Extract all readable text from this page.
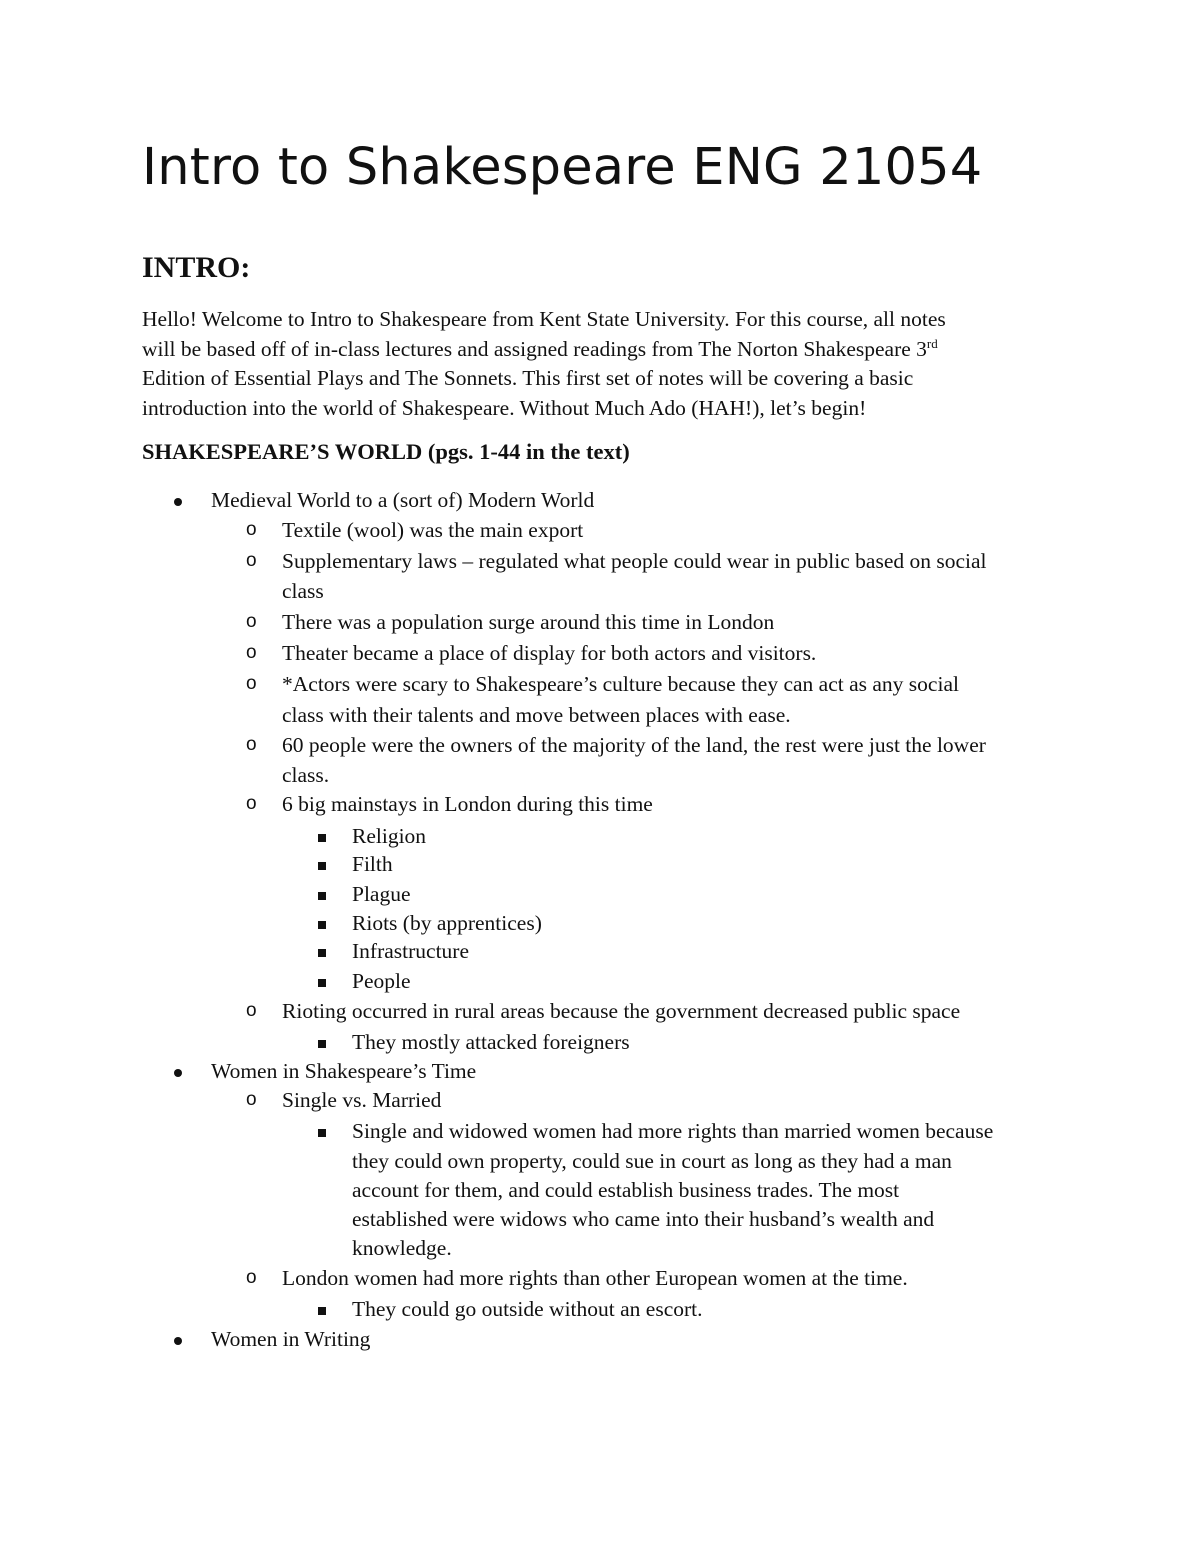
Intro to Shakespeare ENG 21054
INTRO:

Hello! Welcome to Intro to Shakespeare from Kent State University. For this course, all notes
will be based off of in-class lectures and assigned readings from The Norton Shakespeare 3rd
Edition of Essential Plays and The Sonnets. This first set of notes will be covering a basic
introduction into the world of Shakespeare. Without Much Ado (HAH!), let’s begin!

SHAKESPEARE’S WORLD (pgs. 1-44 in the text)
Medieval World to a (sort of) Modern World
o Textile (wool) was the main export
o Supplementary laws – regulated what people could wear in public based on social
class
o There was a population surge around this time in London
o Theater became a place of display for both actors and visitors.
o *Actors were scary to Shakespeare’s culture because they can act as any social
class with their talents and move between places with ease.
o 60 people were the owners of the majority of the land, the rest were just the lower
class.
o 6 big mainstays in London during this time
Religion
Filth
Plague
Riots (by apprentices)
Infrastructure
People
o Rioting occurred in rural areas because the government decreased public space
They mostly attacked foreigners
Women in Shakespeare’s Time
o Single vs. Married
Single and widowed women had more rights than married women because
they could own property, could sue in court as long as they had a man
account for them, and could establish business trades. The most
established were widows who came into their husband’s wealth and
knowledge.
o London women had more rights than other European women at the time.
They could go outside without an escort.
Women in Writing
